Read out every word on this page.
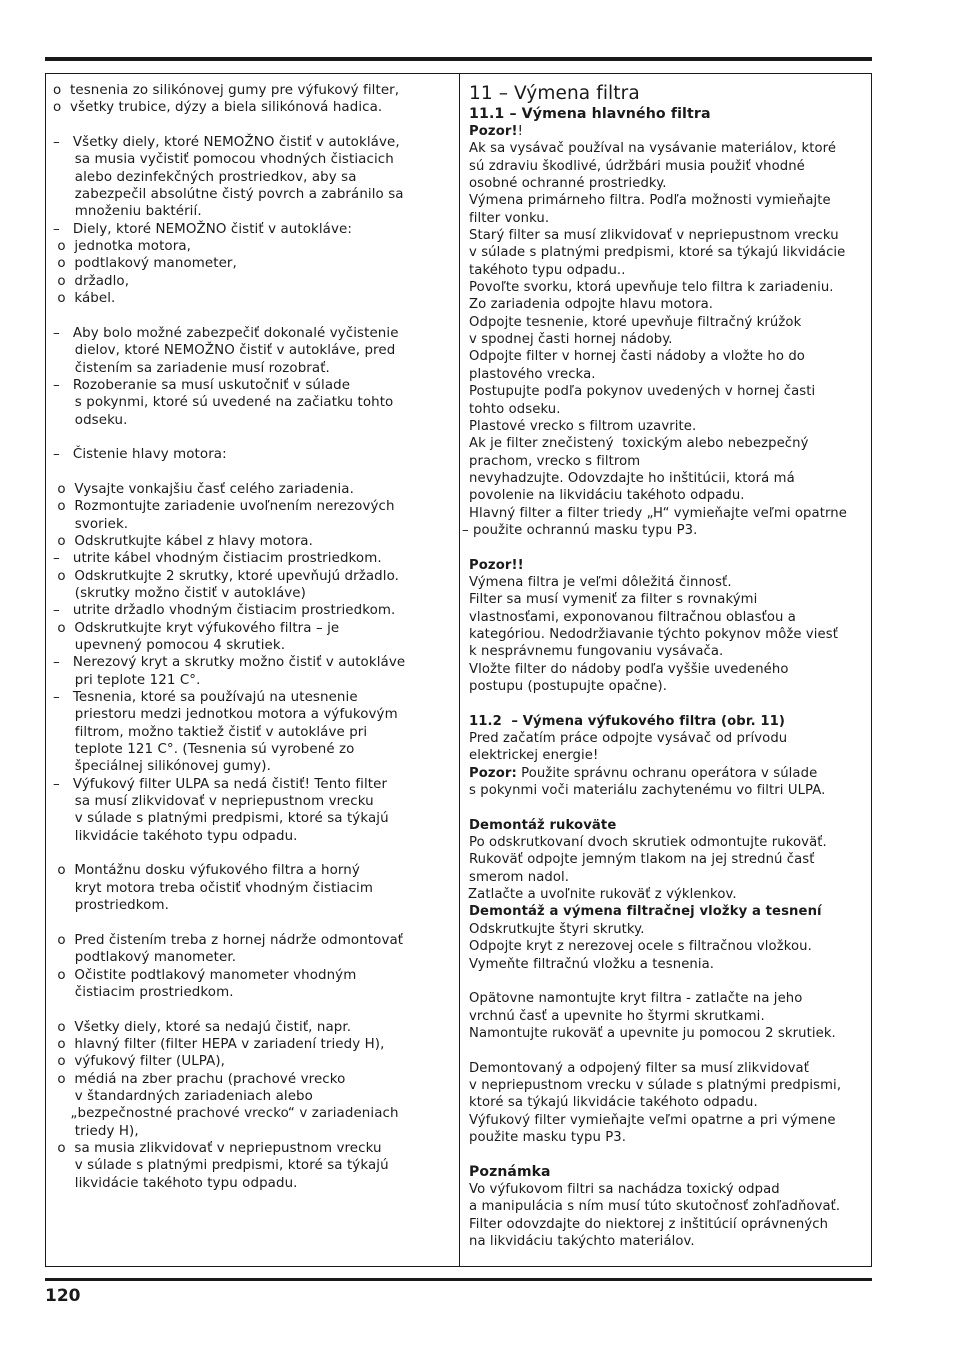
o  tesnenia zo silikónovej gumy pre výfukový filter,
o  všetky trubice, dýzy a biela silikónová hadica.
–   Všetky diely, ktoré NEMOŽNO čistiť v autokláve,
sa musia vyčistiť pomocou vhodných čistiacich
alebo dezinfekčných prostriedkov, aby sa
zabezpečil absolútne čistý povrch a zabránilo sa
množeniu baktérií.
–   Diely, ktoré NEMOŽNO čistiť v autokláve:
o  jednotka motora,
o  podtlakový manometer,
o  držadlo,
o  kábel.
–   Aby bolo možné zabezpečiť dokonalé vyčistenie
dielov, ktoré NEMOŽNO čistiť v autokláve, pred
čistením sa zariadenie musí rozobrať.
–   Rozoberanie sa musí uskutočniť v súlade
s pokynmi, ktoré sú uvedené na začiatku tohto
odseku.
–   Čistenie hlavy motora:
o  Vysajte vonkajšiu časť celého zariadenia.
o  Rozmontujte zariadenie uvoľnením nerezových
svoriek.
o  Odskrutkujte kábel z hlavy motora.
–   utrite kábel vhodným čistiacim prostriedkom.
o  Odskrutkujte 2 skrutky, ktoré upevňujú držadlo.
(skrutky možno čistiť v autokláve)
–   utrite držadlo vhodným čistiacim prostriedkom.
o  Odskrutkujte kryt výfukového filtra – je
upevnený pomocou 4 skrutiek.
–   Nerezový kryt a skrutky možno čistiť v autokláve
pri teplote 121 C°.
–   Tesnenia, ktoré sa používajú na utesnenie
priestoru medzi jednotkou motora a výfukovým
filtrom, možno taktiež čistiť v autokláve pri
teplote 121 C°. (Tesnenia sú vyrobené zo
špeciálnej silikónovej gumy).
–   Výfukový filter ULPA sa nedá čistiť! Tento filter
sa musí zlikvidovať v nepriepustnom vrecku
v súlade s platnými predpismi, ktoré sa týkajú
likvidácie takéhoto typu odpadu.
o  Montážnu dosku výfukového filtra a horný
kryt motora treba očistiť vhodným čistiacim
prostriedkom.
o  Pred čistením treba z hornej nádrže odmontovať
podtlakový manometer.
o  Očistite podtlakový manometer vhodným
čistiacim prostriedkom.
o  Všetky diely, ktoré sa nedajú čistiť, napr.
o  hlavný filter (filter HEPA v zariadení triedy H),
o  výfukový filter (ULPA),
o  médiá na zber prachu (prachové vrecko
v štandardných zariadeniach alebo
„bezpečnostné prachové vrecko“ v zariadeniach
triedy H),
o  sa musia zlikvidovať v nepriepustnom vrecku
v súlade s platnými predpismi, ktoré sa týkajú
likvidácie takéhoto typu odpadu.
11 – Výmena filtra
11.1 – Výmena hlavného filtra
Pozor!!
Ak sa vysávač používal na vysávanie materiálov, ktoré
sú zdraviu škodlivé, údržbári musia použiť vhodné
osobné ochranné prostriedky.
Výmena primárneho filtra. Podľa možnosti vymieňajte
filter vonku.
Starý filter sa musí zlikvidovať v nepriepustnom vrecku
v súlade s platnými predpismi, ktoré sa týkajú likvidácie
takéhoto typu odpadu..
Povoľte svorku, ktorá upevňuje telo filtra k zariadeniu.
Zo zariadenia odpojte hlavu motora.
Odpojte tesnenie, ktoré upevňuje filtračný krúžok
v spodnej časti hornej nádoby.
Odpojte filter v hornej časti nádoby a vložte ho do
plastového vrecka.
Postupujte podľa pokynov uvedených v hornej časti
tohto odseku.
Plastové vrecko s filtrom uzavrite.
Ak je filter znečistený  toxickým alebo nebezpečný
prachom, vrecko s filtrom
nevyhadzujte. Odovzdajte ho inštitúcii, ktorá má
povolenie na likvidáciu takéhoto odpadu.
Hlavný filter a filter triedy „H“ vymieňajte veľmi opatrne
– použite ochrannú masku typu P3.
Pozor!!
Výmena filtra je veľmi dôležitá činnosť.
Filter sa musí vymeniť za filter s rovnakými
vlastnosťami, exponovanou filtračnou oblasťou a
kategóriou. Nedodržiavanie týchto pokynov môže viesť
k nesprávnemu fungovaniu vysávača.
Vložte filter do nádoby podľa vyššie uvedeného
postupu (postupujte opačne).
11.2  – Výmena výfukového filtra (obr. 11)
Pred začatím práce odpojte vysávač od prívodu
elektrickej energie!
Pozor: Použite správnu ochranu operátora v súlade
s pokynmi voči materiálu zachytenému vo filtri ULPA.
Demontáž rukoväte
Po odskrutkovaní dvoch skrutiek odmontujte rukoväť.
Rukoväť odpojte jemným tlakom na jej strednú časť
smerom nadol.
Zatlačte a uvoľnite rukoväť z výklenkov.
Demontáž a výmena filtračnej vložky a tesnení
Odskrutkujte štyri skrutky.
Odpojte kryt z nerezovej ocele s filtračnou vložkou.
Vymeňte filtračnú vložku a tesnenia.
Opätovne namontujte kryt filtra - zatlačte na jeho
vrchnú časť a upevnite ho štyrmi skrutkami.
Namontujte rukoväť a upevnite ju pomocou 2 skrutiek.
Demontovaný a odpojený filter sa musí zlikvidovať
v nepriepustnom vrecku v súlade s platnými predpismi,
ktoré sa týkajú likvidácie takéhoto odpadu.
Výfukový filter vymieňajte veľmi opatrne a pri výmene
použite masku typu P3.
Poznámka
Vo výfukovom filtri sa nachádza toxický odpad
a manipulácia s ním musí túto skutočnosť zohľadňovať.
Filter odovzdajte do niektorej z inštitúcií oprávnených
na likvidáciu takýchto materiálov.
120
